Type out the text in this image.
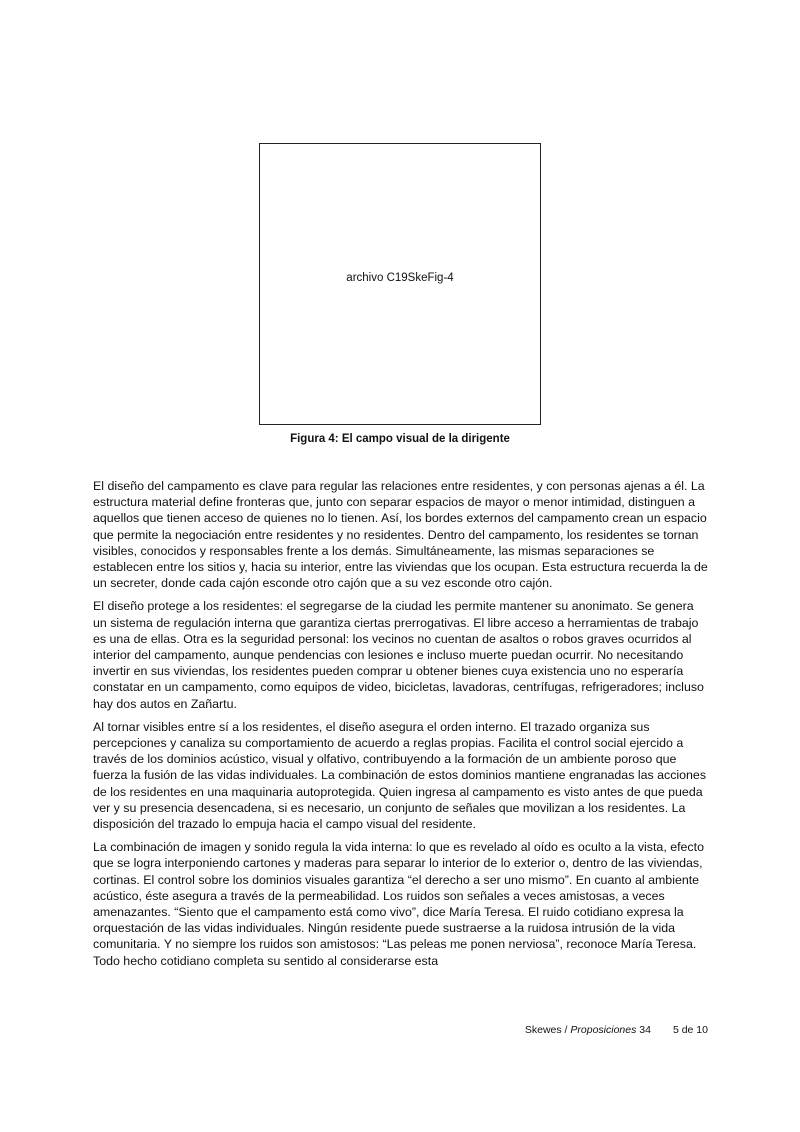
archivo C19SkeFig-4
Figura 4: El campo visual de la dirigente

El diseño del campamento es clave para regular las relaciones entre residentes, y con personas ajenas a él. La estructura material define fronteras que, junto con separar espacios de mayor o menor intimidad, distinguen a aquellos que tienen acceso de quienes no lo tienen. Así, los bordes externos del campamento crean un espacio que permite la negociación entre residentes y no residentes. Dentro del campamento, los residentes se tornan visibles, conocidos y responsables frente a los demás. Simultáneamente, las mismas separaciones se establecen entre los sitios y, hacia su interior, entre las viviendas que los ocupan. Esta estructura recuerda la de un secreter, donde cada cajón esconde otro cajón que a su vez esconde otro cajón.

El diseño protege a los residentes: el segregarse de la ciudad les permite mantener su anonimato. Se genera un sistema de regulación interna que garantiza ciertas prerrogativas. El libre acceso a herramientas de trabajo es una de ellas. Otra es la seguridad personal: los vecinos no cuentan de asaltos o robos graves ocurridos al interior del campamento, aunque pendencias con lesiones e incluso muerte puedan ocurrir. No necesitando invertir en sus viviendas, los residentes pueden comprar u obtener bienes cuya existencia uno no esperaría constatar en un campamento, como equipos de video, bicicletas, lavadoras, centrífugas, refrigeradores; incluso hay dos autos en Zañartu.

Al tornar visibles entre sí a los residentes, el diseño asegura el orden interno. El trazado organiza sus percepciones y canaliza su comportamiento de acuerdo a reglas propias. Facilita el control social ejercido a través de los dominios acústico, visual y olfativo, contribuyendo a la formación de un ambiente poroso que fuerza la fusión de las vidas individuales. La combinación de estos dominios mantiene engranadas las acciones de los residentes en una maquinaria autoprotegida. Quien ingresa al campamento es visto antes de que pueda ver y su presencia desencadena, si es necesario, un conjunto de señales que movilizan a los residentes. La disposición del trazado lo empuja hacia el campo visual del residente.

La combinación de imagen y sonido regula la vida interna: lo que es revelado al oído es oculto a la vista, efecto que se logra interponiendo cartones y maderas para separar lo interior de lo exterior o, dentro de las viviendas, cortinas. El control sobre los dominios visuales garantiza “el derecho a ser uno mismo”. En cuanto al ambiente acústico, éste asegura a través de la permeabilidad. Los ruidos son señales a veces amistosas, a veces amenazantes. “Siento que el campamento está como vivo”, dice María Teresa. El ruido cotidiano expresa la orquestación de las vidas individuales. Ningún residente puede sustraerse a la ruidosa intrusión de la vida comunitaria. Y no siempre los ruidos son amistosos: “Las peleas me ponen nerviosa”, reconoce María Teresa. Todo hecho cotidiano completa su sentido al considerarse esta

Skewes / Proposiciones 34 5 de 10
